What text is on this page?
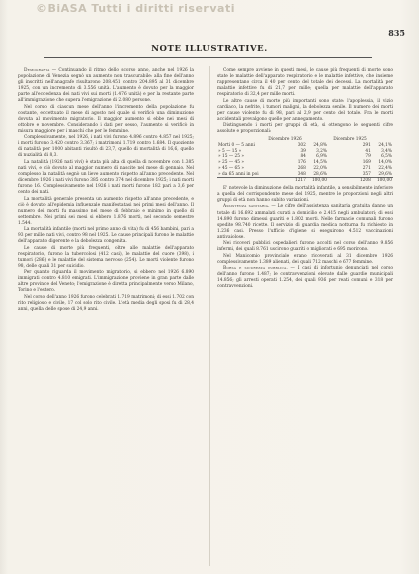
©BiASA Tutti i diritti riservati
835
NOTE ILLUSTRATIVE.

Demografia — Continuando il ritmo dello scorso anno, anche nel 1926 la popolazione di Venezia segnò un aumento non trascurabile: alla fine dell'anno gli inscritti nell'anagrafe risultarono 208.451 contro 204.895 al 31 dicembre 1925, con un incremento di 3.556 unità. L'aumento è dovuto per la maggior parte all'eccedenza dei nati vivi sui morti (1.476 unità) e per la restante parte all'immigrazione che supera l'emigrazione di 2.080 persone.

Nel corso di ciascun mese dell'anno l'incremento della popolazione fu costante, eccettuato il mese di agosto nel quale si verificò una diminuzione dovuta al movimento migratorio. Il maggior aumento si ebbe nei mesi di ottobre e novembre. Considerando i dati per sesso, l'aumento si verificò in misura maggiore per i maschi che per le femmine.

Complessivamente, nel 1926, i nati vivi furono 4.896 contro 4.857 nel 1925; i morti furono 3.420 contro 3.367; i matrimoni 1.719 contro 1.684. Il quoziente di natalità per 1000 abitanti risultò di 23,7, quello di mortalità di 16,6, quello di nuzialità di 8,3.

La natalità (1926 nati vivi) è stata più alta di quella di novembre con 1.385 nati vivi, e ciò dovuto al maggior numero di nascite nel mese di gennaio. Nel complesso la natalità segnò un lieve aumento rispetto all'anno precedente. Nel dicembre 1926 i nati vivi furono 385 contro 374 nel dicembre 1925; i nati morti furono 16. Complessivamente nel 1926 i nati morti furono 182 pari a 3,6 per cento dei nati.

La mortalità generale presenta un aumento rispetto all'anno precedente, e ciò è dovuto all'epidemia influenzale manifestatasi nei primi mesi dell'anno. Il numero dei morti fu massimo nel mese di febbraio e minimo in quello di settembre. Nei primi sei mesi si ebbero 1.876 morti, nel secondo semestre 1.544.

La mortalità infantile (morti nel primo anno di vita) fu di 456 bambini, pari a 93 per mille nati vivi, contro 98 nel 1925. Le cause principali furono le malattie dell'apparato digerente e la debolezza congenita.

Le cause di morte più frequenti, oltre alle malattie dell'apparato respiratorio, furono la tubercolosi (412 casi), le malattie del cuore (398), i tumori (286) e le malattie del sistema nervoso (254). Le morti violente furono 98, delle quali 31 per suicidio.

Per quanto riguarda il movimento migratorio, si ebbero nel 1926 6.890 immigrati contro 4.810 emigrati. L'immigrazione proviene in gran parte dalle altre province del Veneto; l'emigrazione è diretta principalmente verso Milano, Torino e l'estero.

Nel corso dell'anno 1926 furono celebrati 1.719 matrimoni; di essi 1.702 con rito religioso e civile, 17 col solo rito civile. L'età media degli sposi fu di 28,4 anni, quella delle spose di 24,9 anni.

Come sempre avviene in questi mesi, le cause più frequenti di morte sono state le malattie dell'apparato respiratorio e le malattie infettive, che insieme rappresentano circa il 40 per cento del totale dei decessi. La mortalità per malattie infettive fu di 21,7 per mille; quella per malattie dell'apparato respiratorio di 32,4 per mille morti.

Le altre cause di morte più importanti sono state: l'apoplessia, il vizio cardiaco, la nefrite, i tumori maligni, la debolezza senile. Il numero dei morti per cause violente fu di 98, pari al 2,9 per cento del totale. Fra le morti accidentali prevalgono quelle per annegamento.

Distinguendo i morti per gruppi di età, si ottengono le seguenti cifre assolute e proporzionali:

	Dicembre 1926		Dicembre 1925	
Morti 0 — 5 anni	302	24,8%	291	24,1%
» 5 — 15 »	39	3,2%	41	3,4%
» 15 — 25 »	84	6,9%	79	6,5%
» 25 — 45 »	176	14,5%	169	14,0%
» 45 — 65 »	268	22,0%	271	22,4%
» da 65 anni in poi	348	28,6%	357	29,6%
	1217	100,00	1208	100,00

E' notevole la diminuzione della mortalità infantile, a sensibilmente inferiore a quella del corrispondente mese del 1925, mentre le proporzioni negli altri gruppi di età non hanno subito variazioni.

Assistenza sanitaria. — Le cifre dell'assistenza sanitaria gratuita danno un totale di 16.692 ammalati curati a domicilio e 2.415 negli ambulatori; di essi 14.890 furono dimessi guariti e 1.802 morti. Nelle farmacie comunali furono spedite 98.740 ricette. Il servizio di guardia medica notturna fu richiesto in 1.236 casi. Presso l'ufficio d'igiene si eseguirono 4.512 vaccinazioni antivaiolose.

Nei ricoveri pubblici ospedalieri furono accolti nel corso dell'anno 9.856 infermi, dei quali 8.761 uscirono guariti o migliorati e 695 morirono.

Nel Manicomio provinciale erano ricoverati al 31 dicembre 1926 complessivamente 1.389 alienati, dei quali 712 maschi e 677 femmine.

Borsa e sicurezza pubblica. — I casi di infortunio denunciati nel corso dell'anno furono 1.487; le contravvenzioni elevate dalle guardie municipali 14.856; gli arresti operati 1.254, dei quali 936 per reati comuni e 318 per contravvenzioni.
